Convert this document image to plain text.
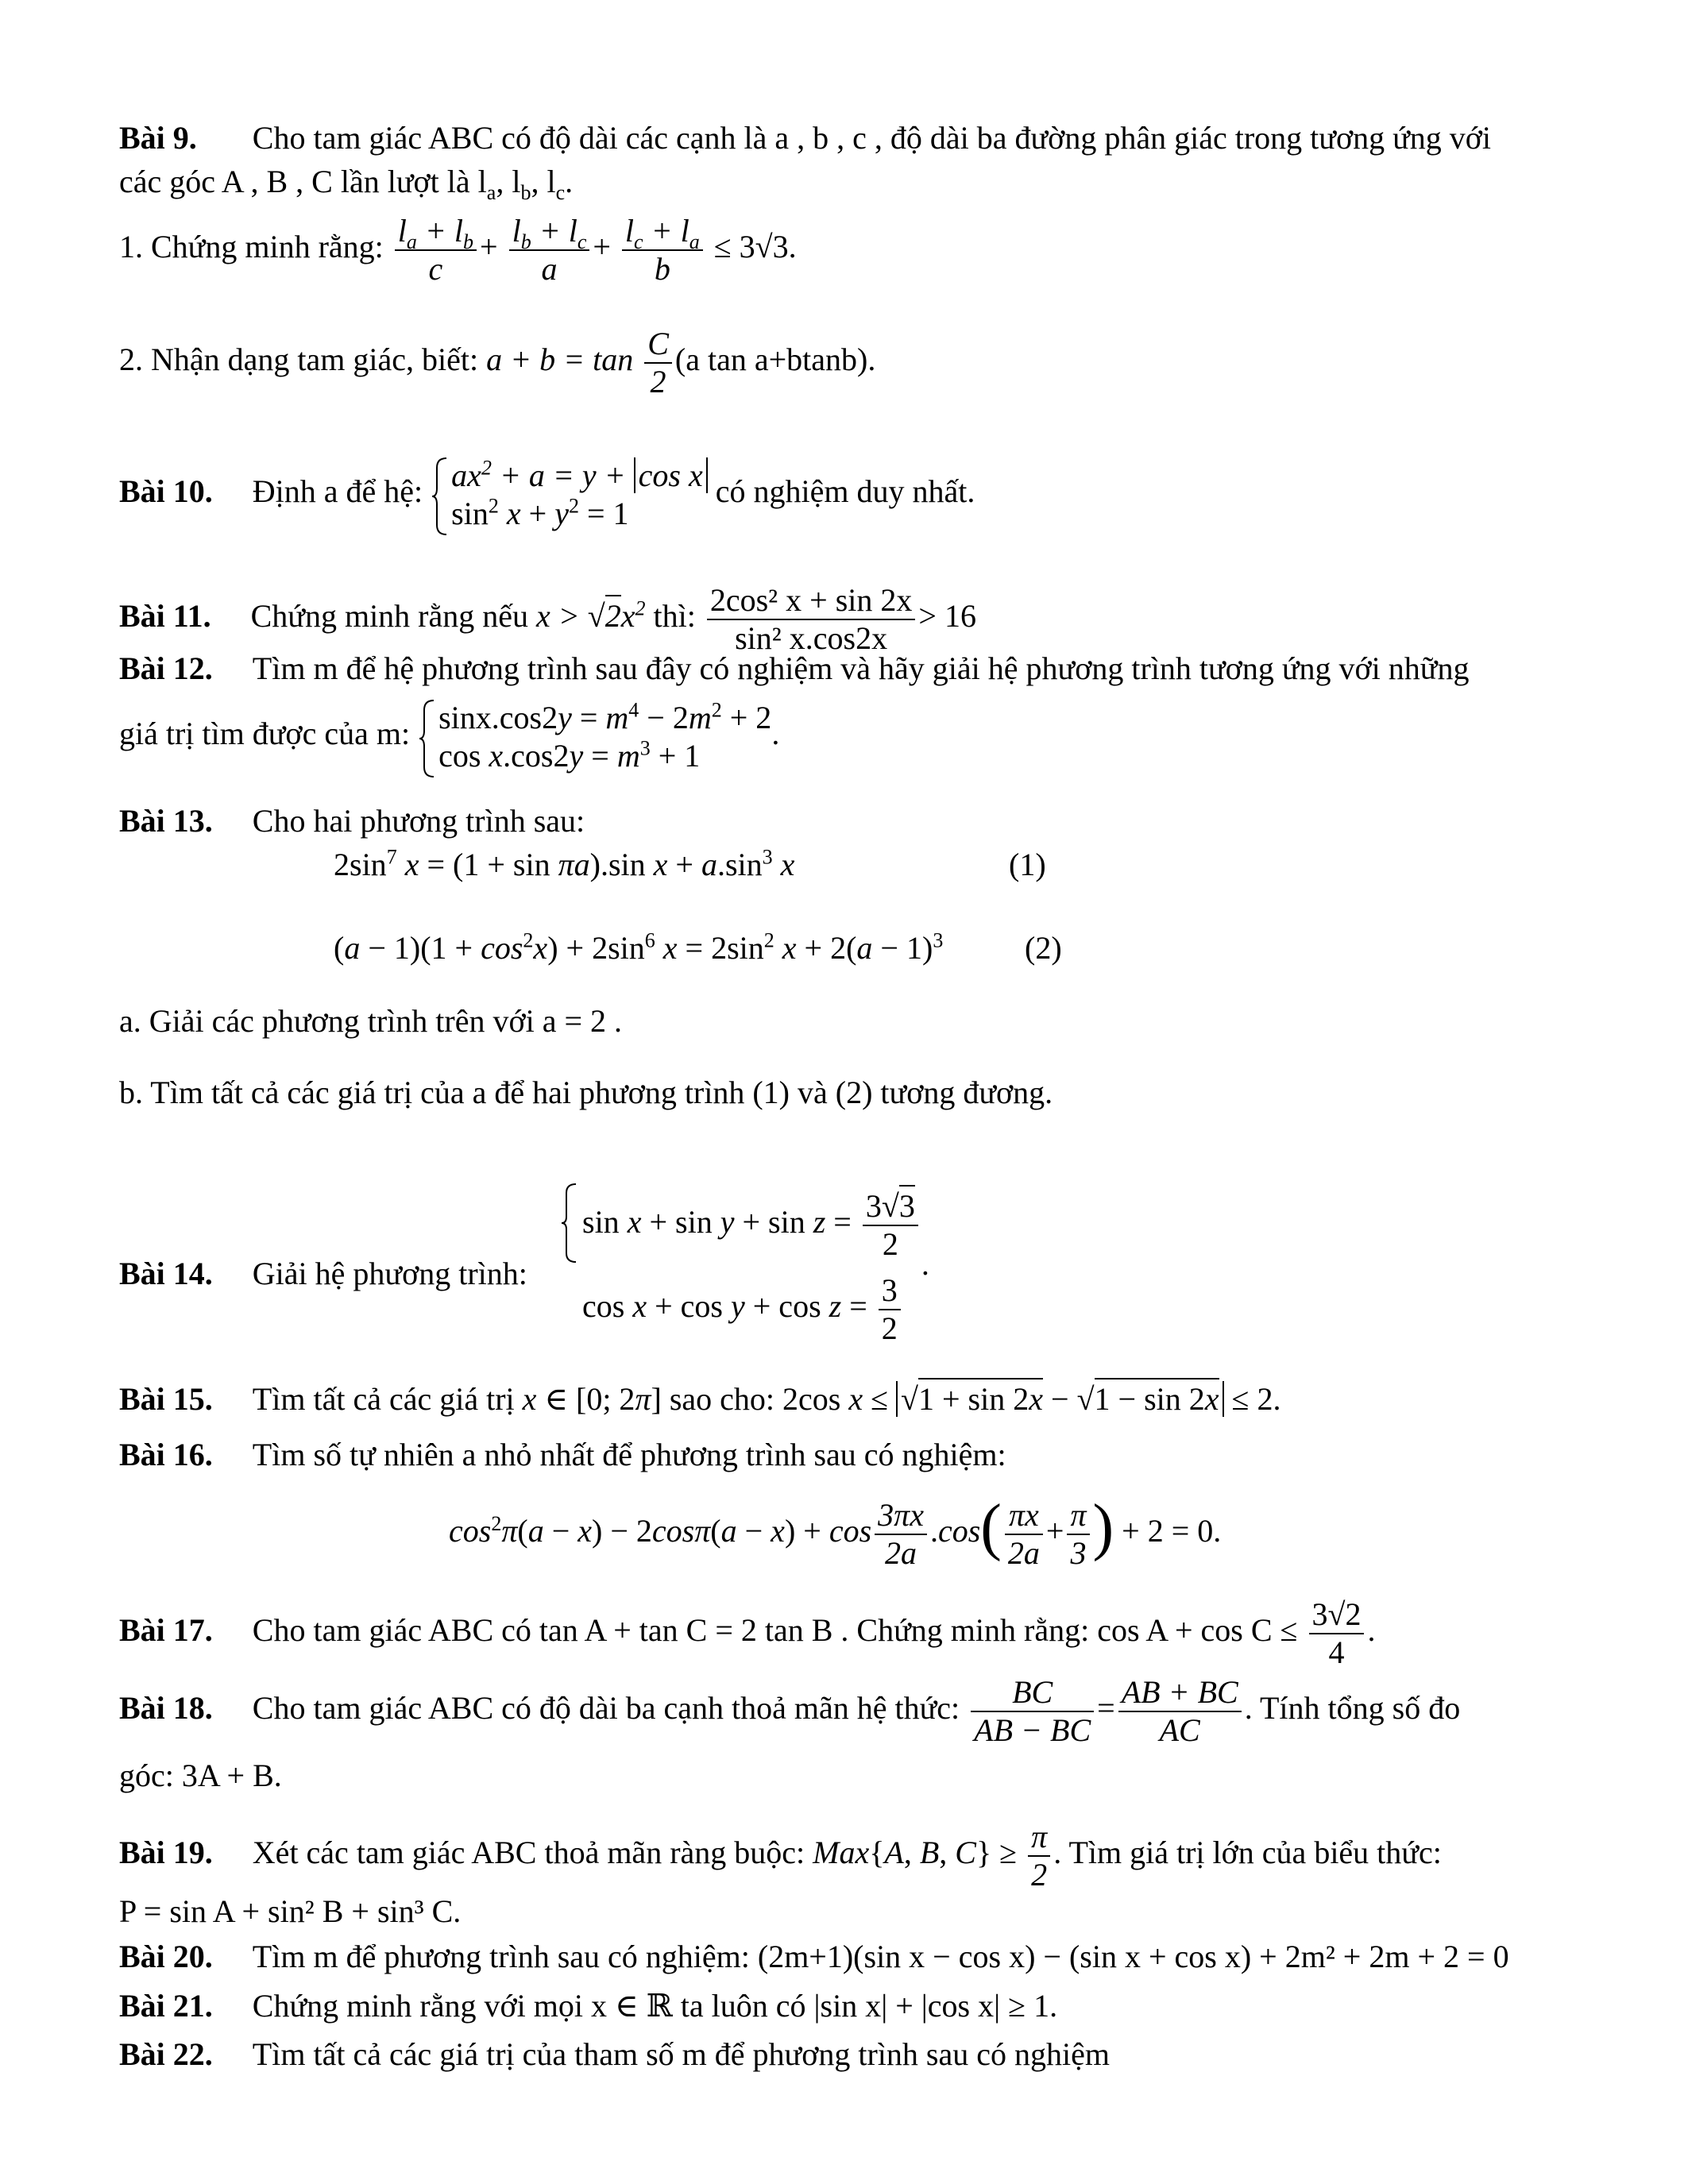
Bài 9. Cho tam giác ABC có độ dài các cạnh là a , b , c , độ dài ba đường phân giác trong tương ứng với
các góc A , B , C lần lượt là $l_a$, $l_b$, $l_c$.
1. Chứng minh rằng: $\frac{l_a + l_b}{c} + \frac{l_b + l_c}{a} + \frac{l_c + l_a}{b} \le 3√3$.
2. Nhận dạng tam giác, biết: $a + b = \tan \frac{C}{2} (a$ tan a+btanb).
Bài 10. Định a để hệ: $ax^2 + a = y + \cos x$
$\sin^2 x + y^2 = 1$
có nghiệm duy nhất.
Bài 11. Chứng minh rằng nếu $x > √2x^2$ thì: $\frac{\text{2cos² x + sin 2x}}{\text{sin² x.cos2x}} > 16$
Bài 12. Tìm m để hệ phương trình sau đây có nghiệm và hãy giải hệ phương trình tương ứng với những
giá trị tìm được của m: $\sin x.\cos 2y = m^4 - 2m^2 + 2$
$\cos x.\cos 2y = m^3 + 1$
.
Bài 13. Cho hai phương trình sau:
$2\sin^7$ x = (1 + sin πa).sin $x + a.\sin^3$ x	(1)
$(a - 1)(1 + \cos^2x) + 2\sin^6$ $x = 2\sin^2$ $x + 2(a - 1)^3$	(2)
a. Giải các phương trình trên với a = 2 .
b. Tìm tất cả các giá trị của a để hai phương trình (1) và (2) tương đương.
Bài 14. Giải hệ phương trình:
$\sin x + \sin y + \sin z = \frac{3√3}{2}$
$\cos x + \cos y + \cos z = \frac{3}{2}$
.
Bài 15. Tìm tất cả các giá trị x ∈ [0; 2π] sao cho: 2cos x ≤ √1 + sin 2x − √1 − sin 2x ≤ 2.
Bài 16. Tìm số tự nhiên a nhỏ nhất để phương trình sau có nghiệm:
$\cos^2\pi(a - x) - 2\cos\pi(a - x) + \cos \frac{3\pi x}{2a} .\cos( \frac{\pi x}{2a} + \frac{\pi}{3}$ ) + 2 = 0.
Bài 17. Cho tam giác ABC có tan A + tan C = 2 tan B . Chứng minh rằng: $\cos A + \cos C \le \frac{3√2}{4}$ .
Bài 18. Cho tam giác ABC có độ dài ba cạnh thoả mãn hệ thức: $\frac{BC}{AB - BC} = \frac{AB + BC}{AC}$ . Tính tổng số đo
góc: 3A + B.
Bài 19. Xét các tam giác ABC thoả mãn ràng buộc: Max{A, B, $C\} \ge \frac{\pi}{2}$ . Tìm giá trị lớn của biểu thức:
P = sin A + sin² B + sin³ C.
Bài 20. Tìm m để phương trình sau có nghiệm: (2m+1)(sin x − cos x) − (sin x + cos x) + 2m² + 2m + 2 = 0
Bài 21. Chứng minh rằng với mọi x ∈ ℝ ta luôn có |sin x| + |cos x| ≥ 1.
Bài 22. Tìm tất cả các giá trị của tham số m để phương trình sau có nghiệm
